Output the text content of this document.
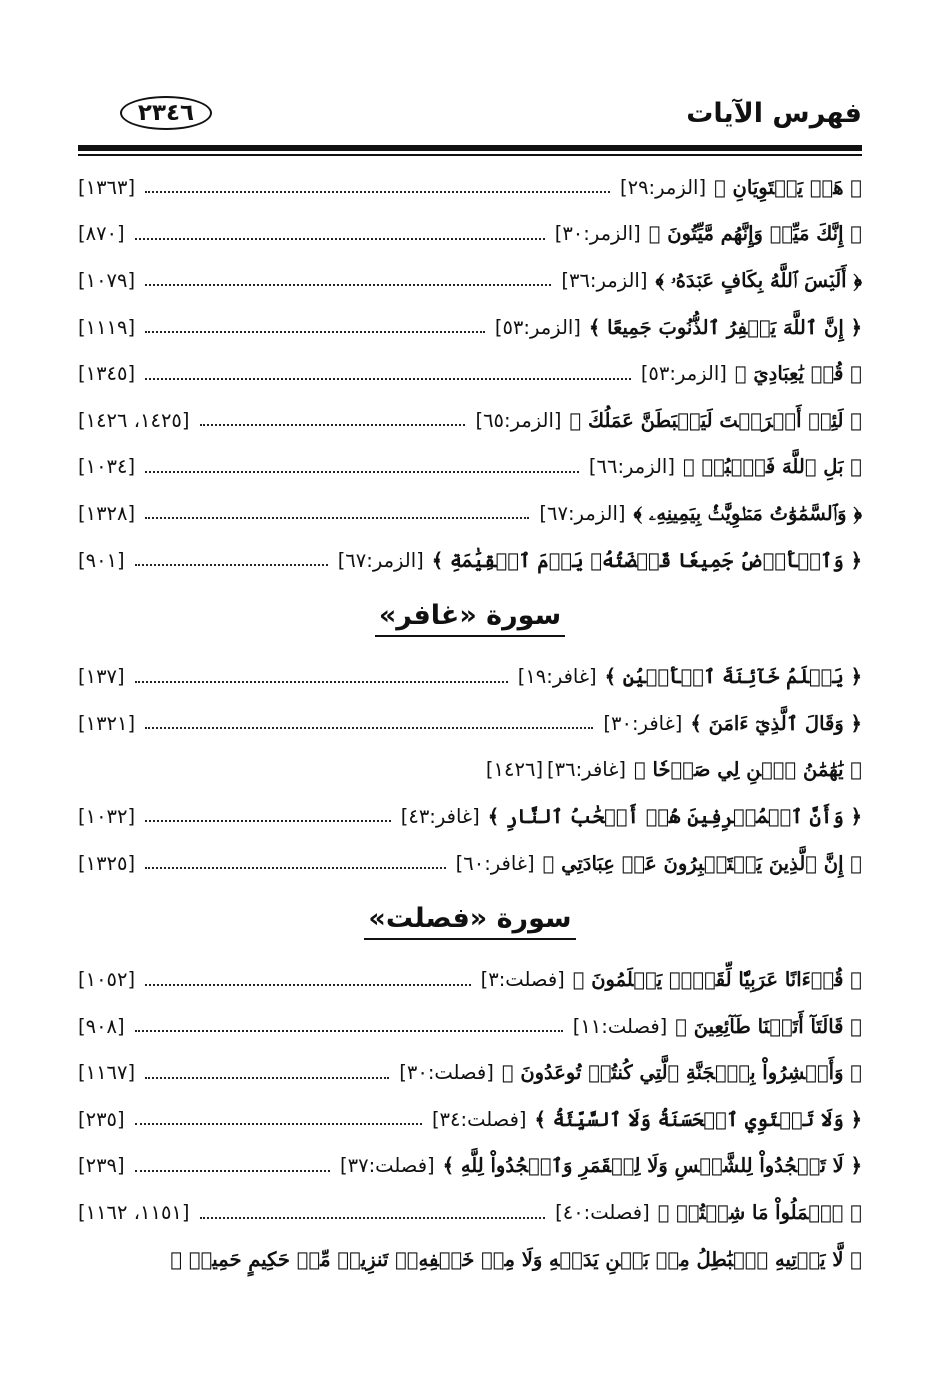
٢٣٤٦	فهرس الآيات
﴿ هَلۡ يَسۡتَوِيَانِ ﴾
[الزمر:٢٩]
[١٣٦٣]
﴿ إِنَّكَ مَيِّتٞ وَإِنَّهُم مَّيِّتُونَ ﴾
[الزمر:٣٠]
[٨٧٠]
﴿ أَلَيۡسَ ٱللَّهُ بِكَافٍ عَبۡدَهُۥ ﴾
[الزمر:٣٦]
[١٠٧٩]
﴿ إِنَّ ٱللَّهَ يَغۡفِرُ ٱلذُّنُوبَ جَمِيعًا ﴾
[الزمر:٥٣]
[١١١٩]
﴿ قُلۡ يَٰعِبَادِيَ ﴾
[الزمر:٥٣]
[١٣٤٥]
﴿ لَئِنۡ أَشۡرَكۡتَ لَيَحۡبَطَنَّ عَمَلُكَ ﴾
[الزمر:٦٥]
[١٤٢٥، ١٤٢٦]
﴿ بَلِ ٱللَّهَ فَٱعۡبُدۡ ﴾
[الزمر:٦٦]
[١٠٣٤]
﴿ وَٱلسَّمَٰوَٰتُ مَطۡوِيَّٰتُۢ بِيَمِينِهِۦ ﴾
[الزمر:٦٧]
[١٣٢٨]
﴿ وَٱلۡأَرۡضُ جَمِيعٗا قَبۡضَتُهُۥ يَوۡمَ ٱلۡقِيَٰمَةِ ﴾
[الزمر:٦٧]
[٩٠١]
سورة «غافر»
﴿ يَعۡلَمُ خَآئِنَةَ ٱلۡأَعۡيُنِ ﴾
[غافر:١٩]
[١٣٧]
﴿ وَقَالَ ٱلَّذِيٓ ءَامَنَ ﴾
[غافر:٣٠]
[١٣٢١]
﴿ يَٰهَٰمَٰنُ ٱبۡنِ لِي صَرۡحٗا ﴾
[غافر:٣٦]
[١٤٢٦]
﴿ وَأَنَّ ٱلۡمُسۡرِفِينَ هُمۡ أَصۡحَٰبُ ٱلنَّارِ ﴾
[غافر:٤٣]
[١٠٣٢]
﴿ إِنَّ ٱلَّذِينَ يَسۡتَكۡبِرُونَ عَنۡ عِبَادَتِي ﴾
[غافر:٦٠]
[١٣٢٥]
سورة «فصلت»
﴿ قُرۡءَانًا عَرَبِيّٗا لِّقَوۡمٖ يَعۡلَمُونَ ﴾
[فصلت:٣]
[١٠٥٢]
﴿ قَالَتَآ أَتَيۡنَا طَآئِعِينَ ﴾
[فصلت:١١]
[٩٠٨]
﴿ وَأَبۡشِرُواْ بِٱلۡجَنَّةِ ٱلَّتِي كُنتُمۡ تُوعَدُونَ ﴾
[فصلت:٣٠]
[١١٦٧]
﴿ وَلَا تَسۡتَوِي ٱلۡحَسَنَةُ وَلَا ٱلسَّيِّئَةُ ﴾
[فصلت:٣٤]
[٢٣٥]
﴿ لَا تَسۡجُدُواْ لِلشَّمۡسِ وَلَا لِلۡقَمَرِ وَٱسۡجُدُواْ لِلَّهِ ﴾
[فصلت:٣٧]
[٢٣٩]
﴿ ٱعۡمَلُواْ مَا شِئۡتُمۡ ﴾
[فصلت:٤٠]
[١١٥١، ١١٦٢]
﴿ لَّا يَأۡتِيهِ ٱلۡبَٰطِلُ مِنۢ بَيۡنِ يَدَيۡهِ وَلَا مِنۡ خَلۡفِهِۦۖ تَنزِيلٞ مِّنۡ حَكِيمٍ حَمِيدٖ ﴾
